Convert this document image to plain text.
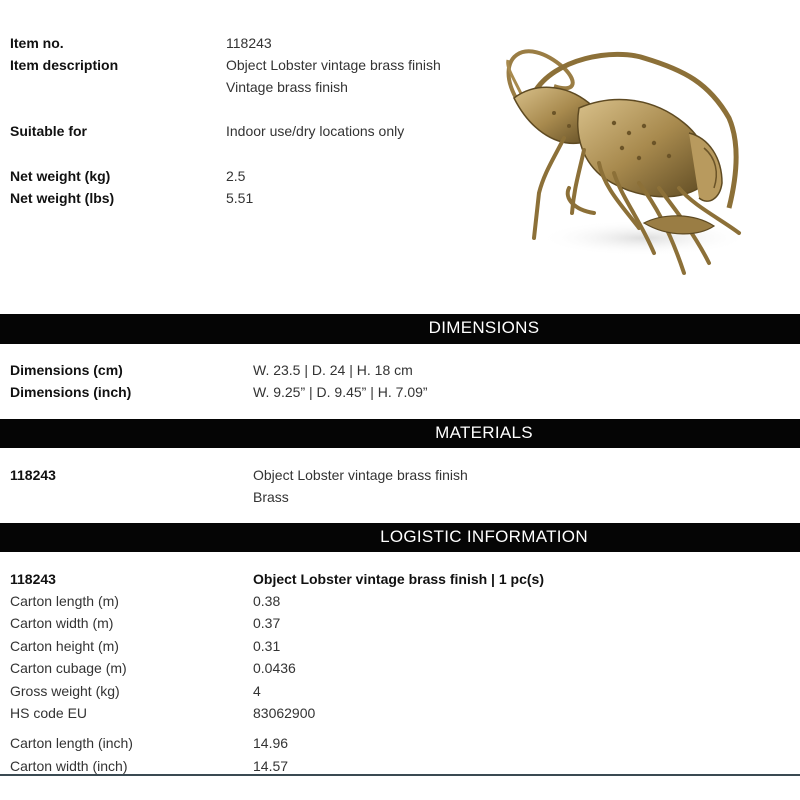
Item no.	118243
Item description	Object Lobster vintage brass finish
Vintage brass finish
Suitable for	Indoor use/dry locations only
Net weight (kg)	2.5
Net weight (lbs)	5.51
DIMENSIONS
Dimensions (cm)	W. 23.5 | D. 24 | H. 18 cm
Dimensions (inch)	W. 9.25” | D. 9.45” | H. 7.09”
MATERIALS
118243	Object Lobster vintage brass finish
Brass
LOGISTIC INFORMATION
118243	Object Lobster vintage brass finish | 1 pc(s)
Carton length (m)	0.38
Carton width (m)	0.37
Carton height (m)	0.31
Carton cubage (m)	0.0436
Gross weight (kg)	4
HS code EU	83062900
Carton length (inch)	14.96
Carton width (inch)	14.57
